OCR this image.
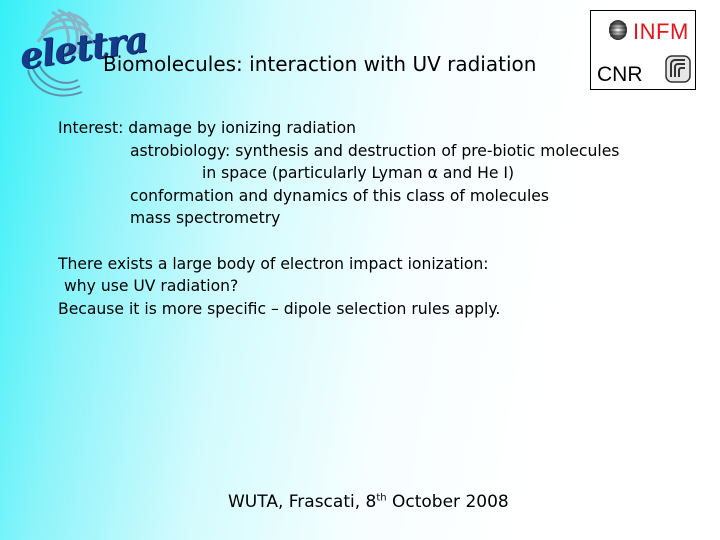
elettra
Biomolecules: interaction with UV radiation
INFM
CNR
Interest: damage by ionizing radiation
astrobiology: synthesis and destruction of pre-biotic molecules
in space (particularly Lyman α and He I)
conformation and dynamics of this class of molecules
mass spectrometry
There exists a large body of electron impact ionization:
why use UV radiation?
Because it is more specific – dipole selection rules apply.
WUTA, Frascati, 8th October 2008
